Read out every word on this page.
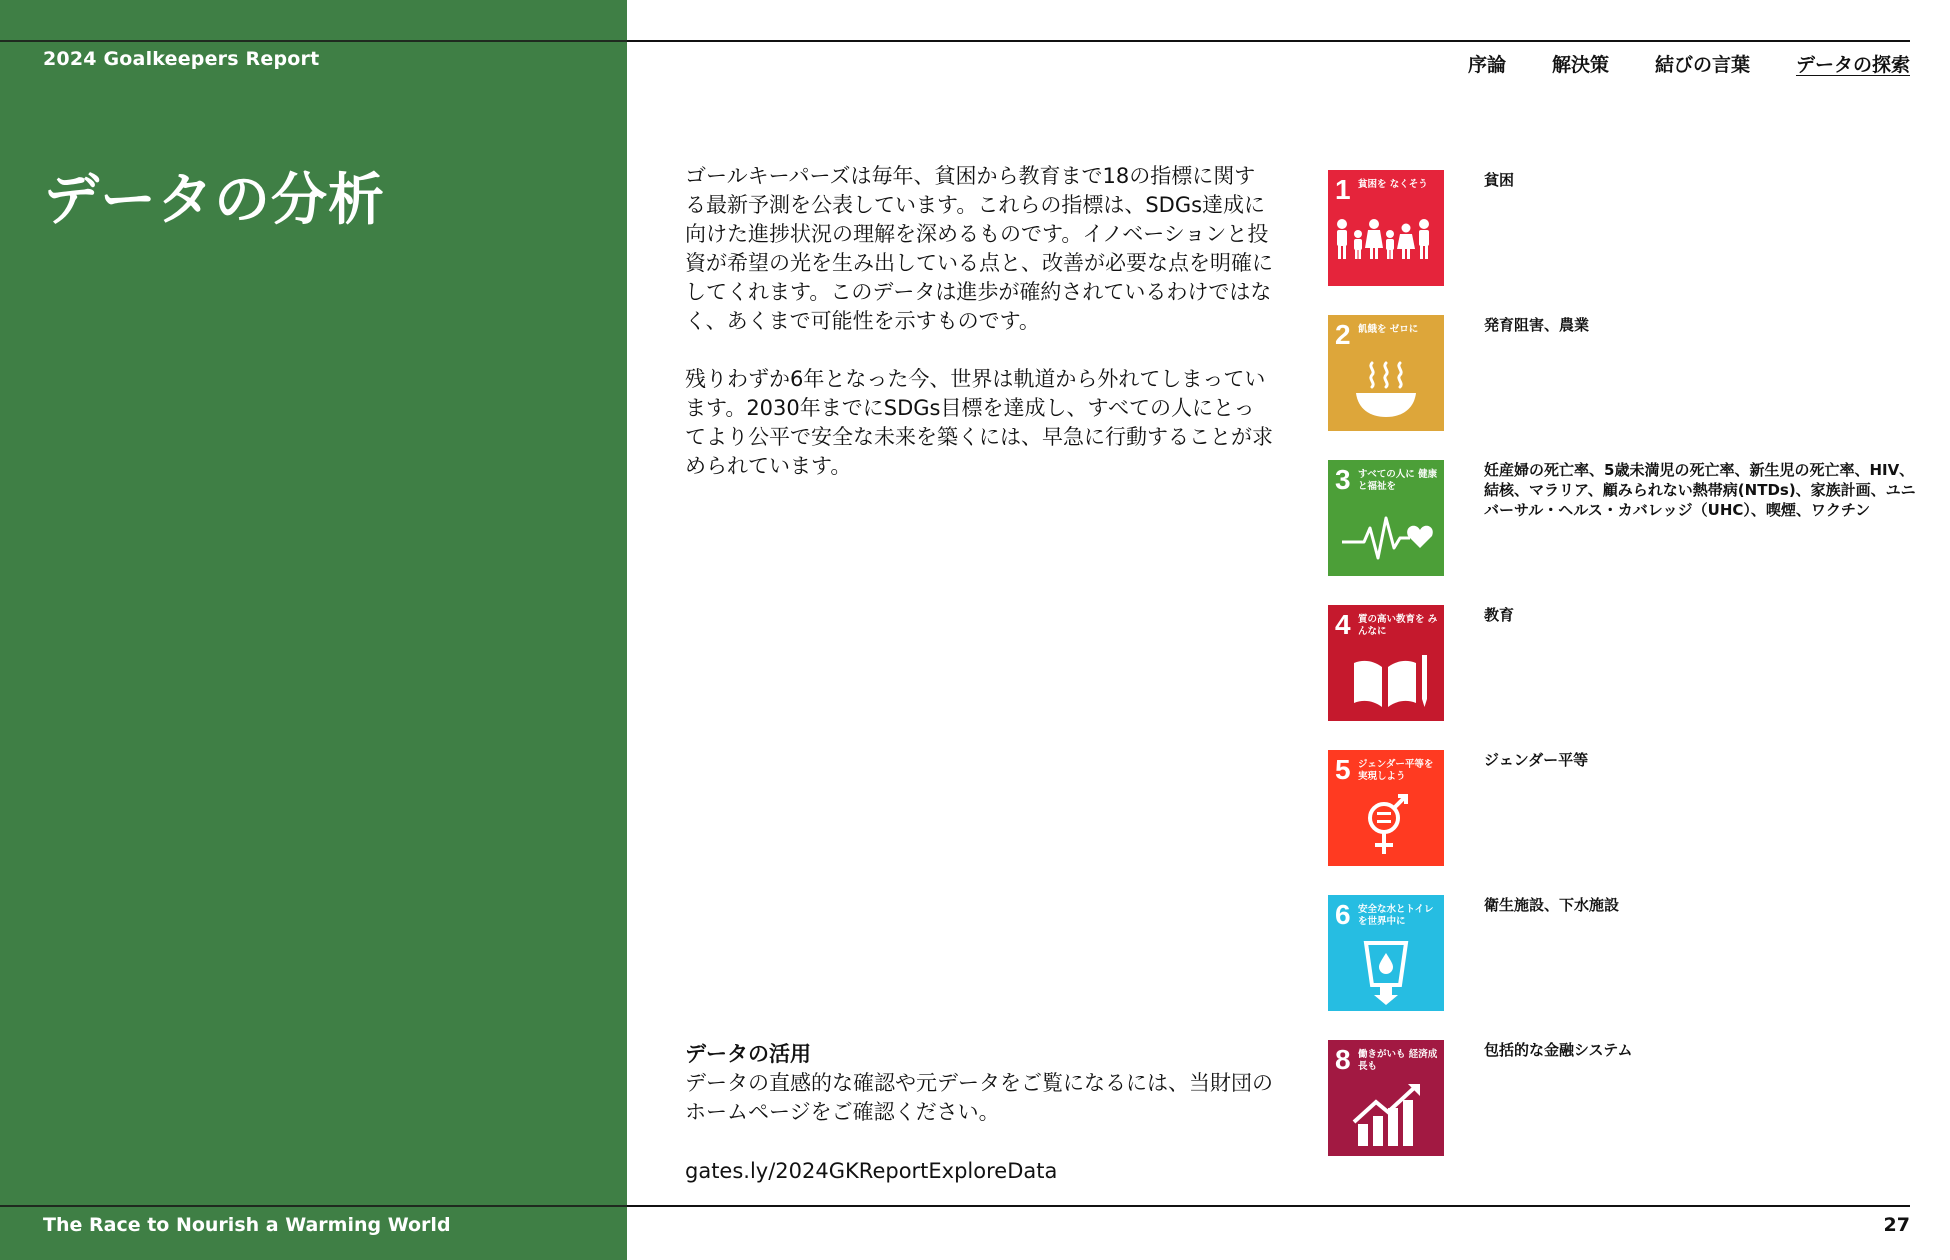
2024 Goalkeepers Report
データの分析
The Race to Nourish a Warming World
序論 解決策 結びの言葉 データの探索

ゴールキーパーズは毎年、貧困から教育まで18の指標に関する最新予測を公表しています。これらの指標は、SDGs達成に向けた進捗状況の理解を深めるものです。イノベーションと投資が希望の光を生み出している点と、改善が必要な点を明確にしてくれます。このデータは進歩が確約されているわけではなく、あくまで可能性を示すものです。

残りわずか6年となった今、世界は軌道から外れてしまっています。2030年までにSDGs目標を達成し、すべての人にとってより公平で安全な未来を築くには、早急に行動することが求められています。

データの活用
データの直感的な確認や元データをご覧になるには、当財団のホームページをご確認ください。
gates.ly/2024GKReportExploreData
1 貧困を なくそう	貧困
2 飢餓を ゼロに	発育阻害、農業
3 すべての人に 健康と福祉を
妊産婦の死亡率、5歳未満児の死亡率、新生児の死亡率、HIV、結核、マラリア、顧みられない熱帯病(NTDs)、家族計画、ユニバーサル・ヘルス・カバレッジ（UHC）、喫煙、ワクチン
4 質の高い教育を みんなに
教育
5 ジェンダー平等を 実現しよう
ジェンダー平等
6 安全な水とトイレ を世界中に
衛生施設、下水施設
8 働きがいも 経済成長も
包括的な金融システム
27
